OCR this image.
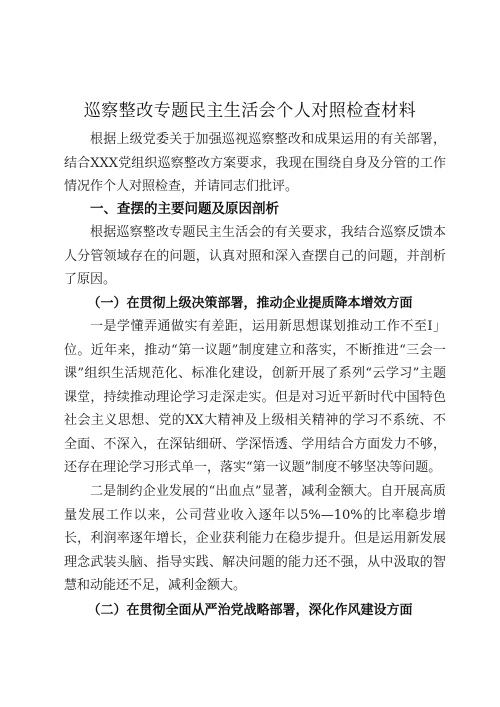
巡察整改专题民主生活会个人对照检查材料

根据上级党委关于加强巡视巡察整改和成果运用的有关部署，结合XXX党组织巡察整改方案要求，我现在围绕自身及分管的工作情况作个人对照检查，并请同志们批评。

一、查摆的主要问题及原因剖析

根据巡察整改专题民主生活会的有关要求，我结合巡察反馈本人分管领域存在的问题，认真对照和深入查摆自己的问题，并剖析了原因。

（一）在贯彻上级决策部署，推动企业提质降本增效方面

一是学懂弄通做实有差距，运用新思想谋划推动工作不至Ⅰ」位。近年来，推动“第一议题”制度建立和落实，不断推进“三会一课”组织生活规范化、标准化建设，创新开展了系列“云学习”主题课堂，持续推动理论学习走深走实。但是对习近平新时代中国特色社会主义思想、党的XX大精神及上级相关精神的学习不系统、不全面、不深入，在深钻细研、学深悟透、学用结合方面发力不够，还存在理论学习形式单一，落实“第一议题”制度不够坚决等问题。

二是制约企业发展的“出血点”显著，减利金额大。自开展高质量发展工作以来，公司营业收入逐年以5%—10%的比率稳步增长，利润率逐年增长，企业获利能力在稳步提升。但是运用新发展理念武装头脑、指导实践、解决问题的能力还不强，从中汲取的智慧和动能还不足，减利金额大。

（二）在贯彻全面从严治党战略部署，深化作风建设方面
